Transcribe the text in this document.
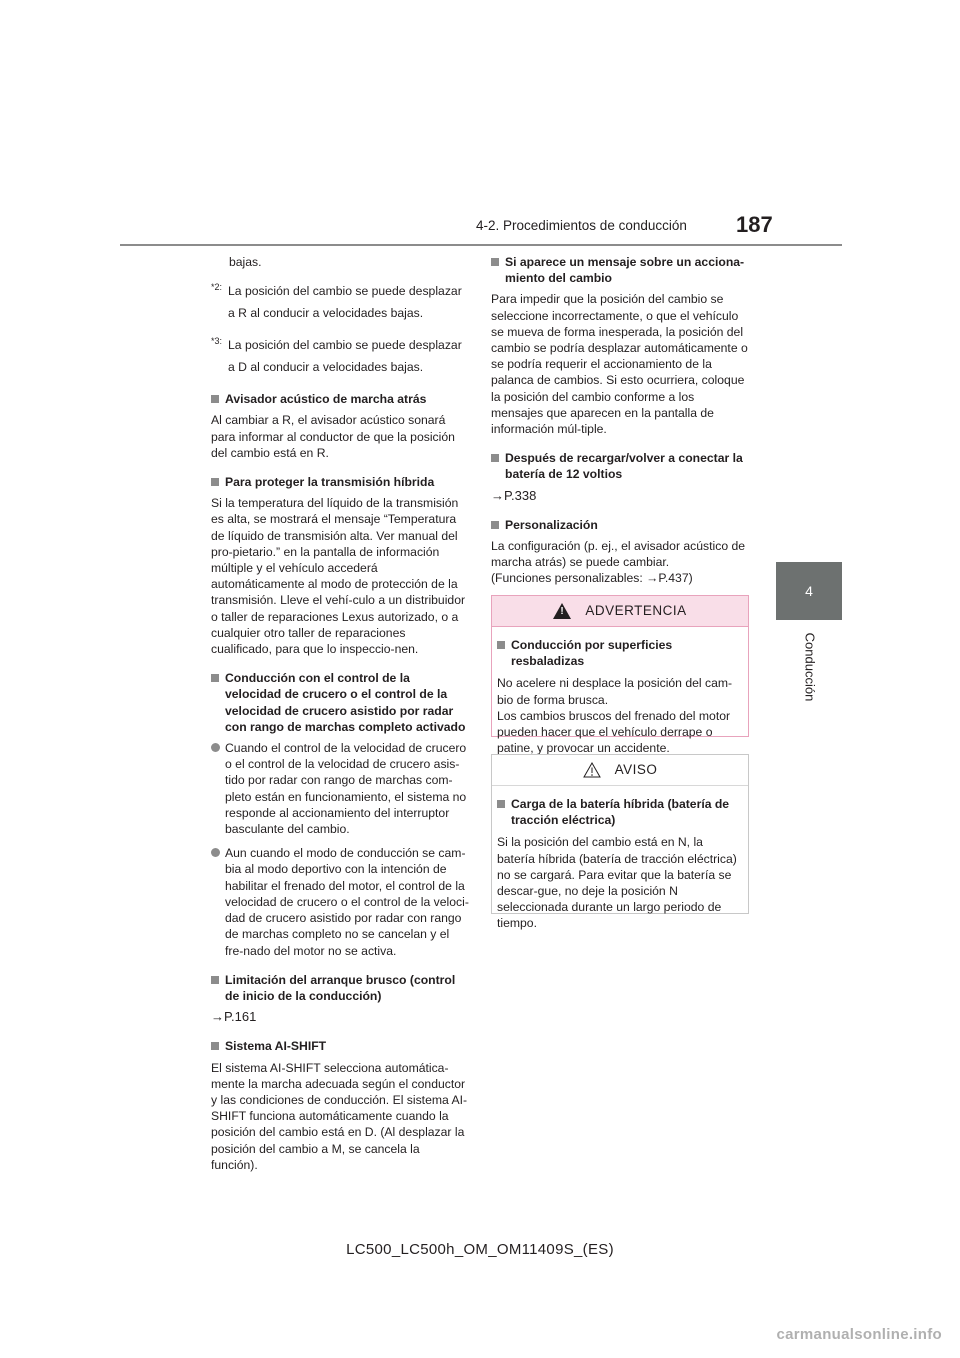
4-2. Procedimientos de conducción 187
4
Conducción

bajas.

*2: La posición del cambio se puede desplazar a R al conducir a velocidades bajas.
*3: La posición del cambio se puede desplazar a D al conducir a velocidades bajas.
Avisador acústico de marcha atrás

Al cambiar a R, el avisador acústico sonará para informar al conductor de que la posición del cambio está en R.

Para proteger la transmisión híbrida

Si la temperatura del líquido de la transmisión es alta, se mostrará el mensaje “Temperatura de líquido de transmisión alta. Ver manual del pro-pietario.” en la pantalla de información múltiple y el vehículo accederá automáticamente al modo de protección de la transmisión. Lleve el vehí-culo a un distribuidor o taller de reparaciones Lexus autorizado, o a cualquier otro taller de reparaciones cualificado, para que lo inspeccio-nen.

Conducción con el control de la velocidad de crucero o el control de la velocidad de crucero asistido por radar con rango de marchas completo activado
Cuando el control de la velocidad de crucero o el control de la velocidad de crucero asis-tido por radar con rango de marchas com-pleto están en funcionamiento, el sistema no responde al accionamiento del interruptor basculante del cambio.
Aun cuando el modo de conducción se cam-bia al modo deportivo con la intención de habilitar el frenado del motor, el control de la velocidad de crucero o el control de la veloci-dad de crucero asistido por radar con rango de marchas completo no se cancelan y el fre-nado del motor no se activa.
Limitación del arranque brusco (control de inicio de la conducción)
→P.161
Sistema AI-SHIFT

El sistema AI-SHIFT selecciona automática-mente la marcha adecuada según el conductor y las condiciones de conducción. El sistema AI-SHIFT funciona automáticamente cuando la posición del cambio está en D. (Al desplazar la posición del cambio a M, se cancela la función).

Si aparece un mensaje sobre un acciona-miento del cambio

Para impedir que la posición del cambio se seleccione incorrectamente, o que el vehículo se mueva de forma inesperada, la posición del cambio se podría desplazar automáticamente o se podría requerir el accionamiento de la palanca de cambios. Si esto ocurriera, coloque la posición del cambio conforme a los mensajes que aparecen en la pantalla de información múl-tiple.

Después de recargar/volver a conectar la batería de 12 voltios
→P.338
Personalización

La configuración (p. ej., el avisador acústico de marcha atrás) se puede cambiar.

(Funciones personalizables: →P.437)

! ADVERTENCIA
Conducción por superficies resbaladizas

No acelere ni desplace la posición del cam-bio de forma brusca.

Los cambios bruscos del frenado del motor pueden hacer que el vehículo derrape o patine, y provocar un accidente.

AVISO
Carga de la batería híbrida (batería de tracción eléctrica)

Si la posición del cambio está en N, la batería híbrida (batería de tracción eléctrica) no se cargará. Para evitar que la batería se descar-gue, no deje la posición N seleccionada durante un largo periodo de tiempo.

LC500_LC500h_OM_OM11409S_(ES)
carmanualsonline.info
